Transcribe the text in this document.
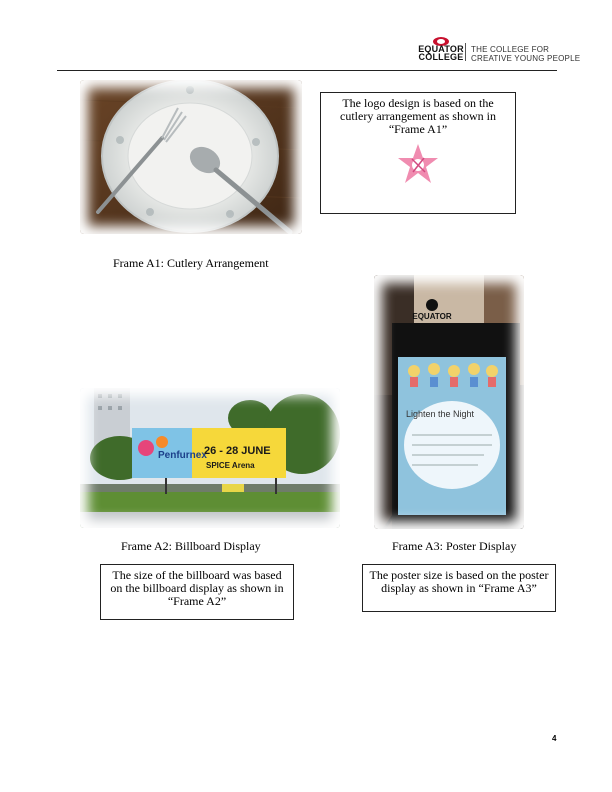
EQUATOR
COLLEGE
THE COLLEGE FOR
CREATIVE YOUNG PEOPLE
The logo design is based on the cutlery arrangement as shown in “Frame A1”
Frame A1: Cutlery Arrangement
EQUATOR
Lighten the Night
Penfurnex
26 - 28 JUNE
SPICE Arena
Frame A2: Billboard Display	Frame A3: Poster Display
The size of the billboard was based on the billboard display as shown in “Frame A2”
The poster size is based on the poster display as shown in “Frame A3”
4
